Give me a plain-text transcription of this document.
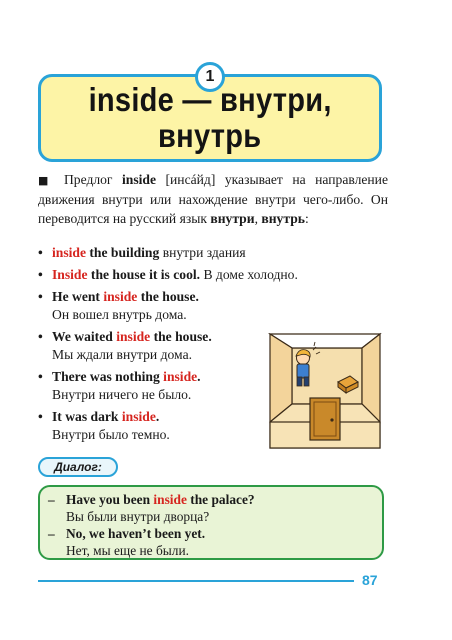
1
inside — внутри,
внутрь
■ Предлог inside [инсáйд] указывает на направление движения внутри или нахождение внутри чего-либо. Он переводится на русский язык внутри, внутрь:
• inside the building внутри здания
• Inside the house it is cool. В доме холодно.
• He went inside the house.
Он вошел внутрь дома.
• We waited inside the house.
Мы ждали внутри дома.
• There was nothing inside.
Внутри ничего не было.
• It was dark inside.
Внутри было темно.
Диалог:
– Have you been inside the palace?
Вы были внутри дворца?
– No, we haven’t been yet.
Нет, мы еще не были.
87
